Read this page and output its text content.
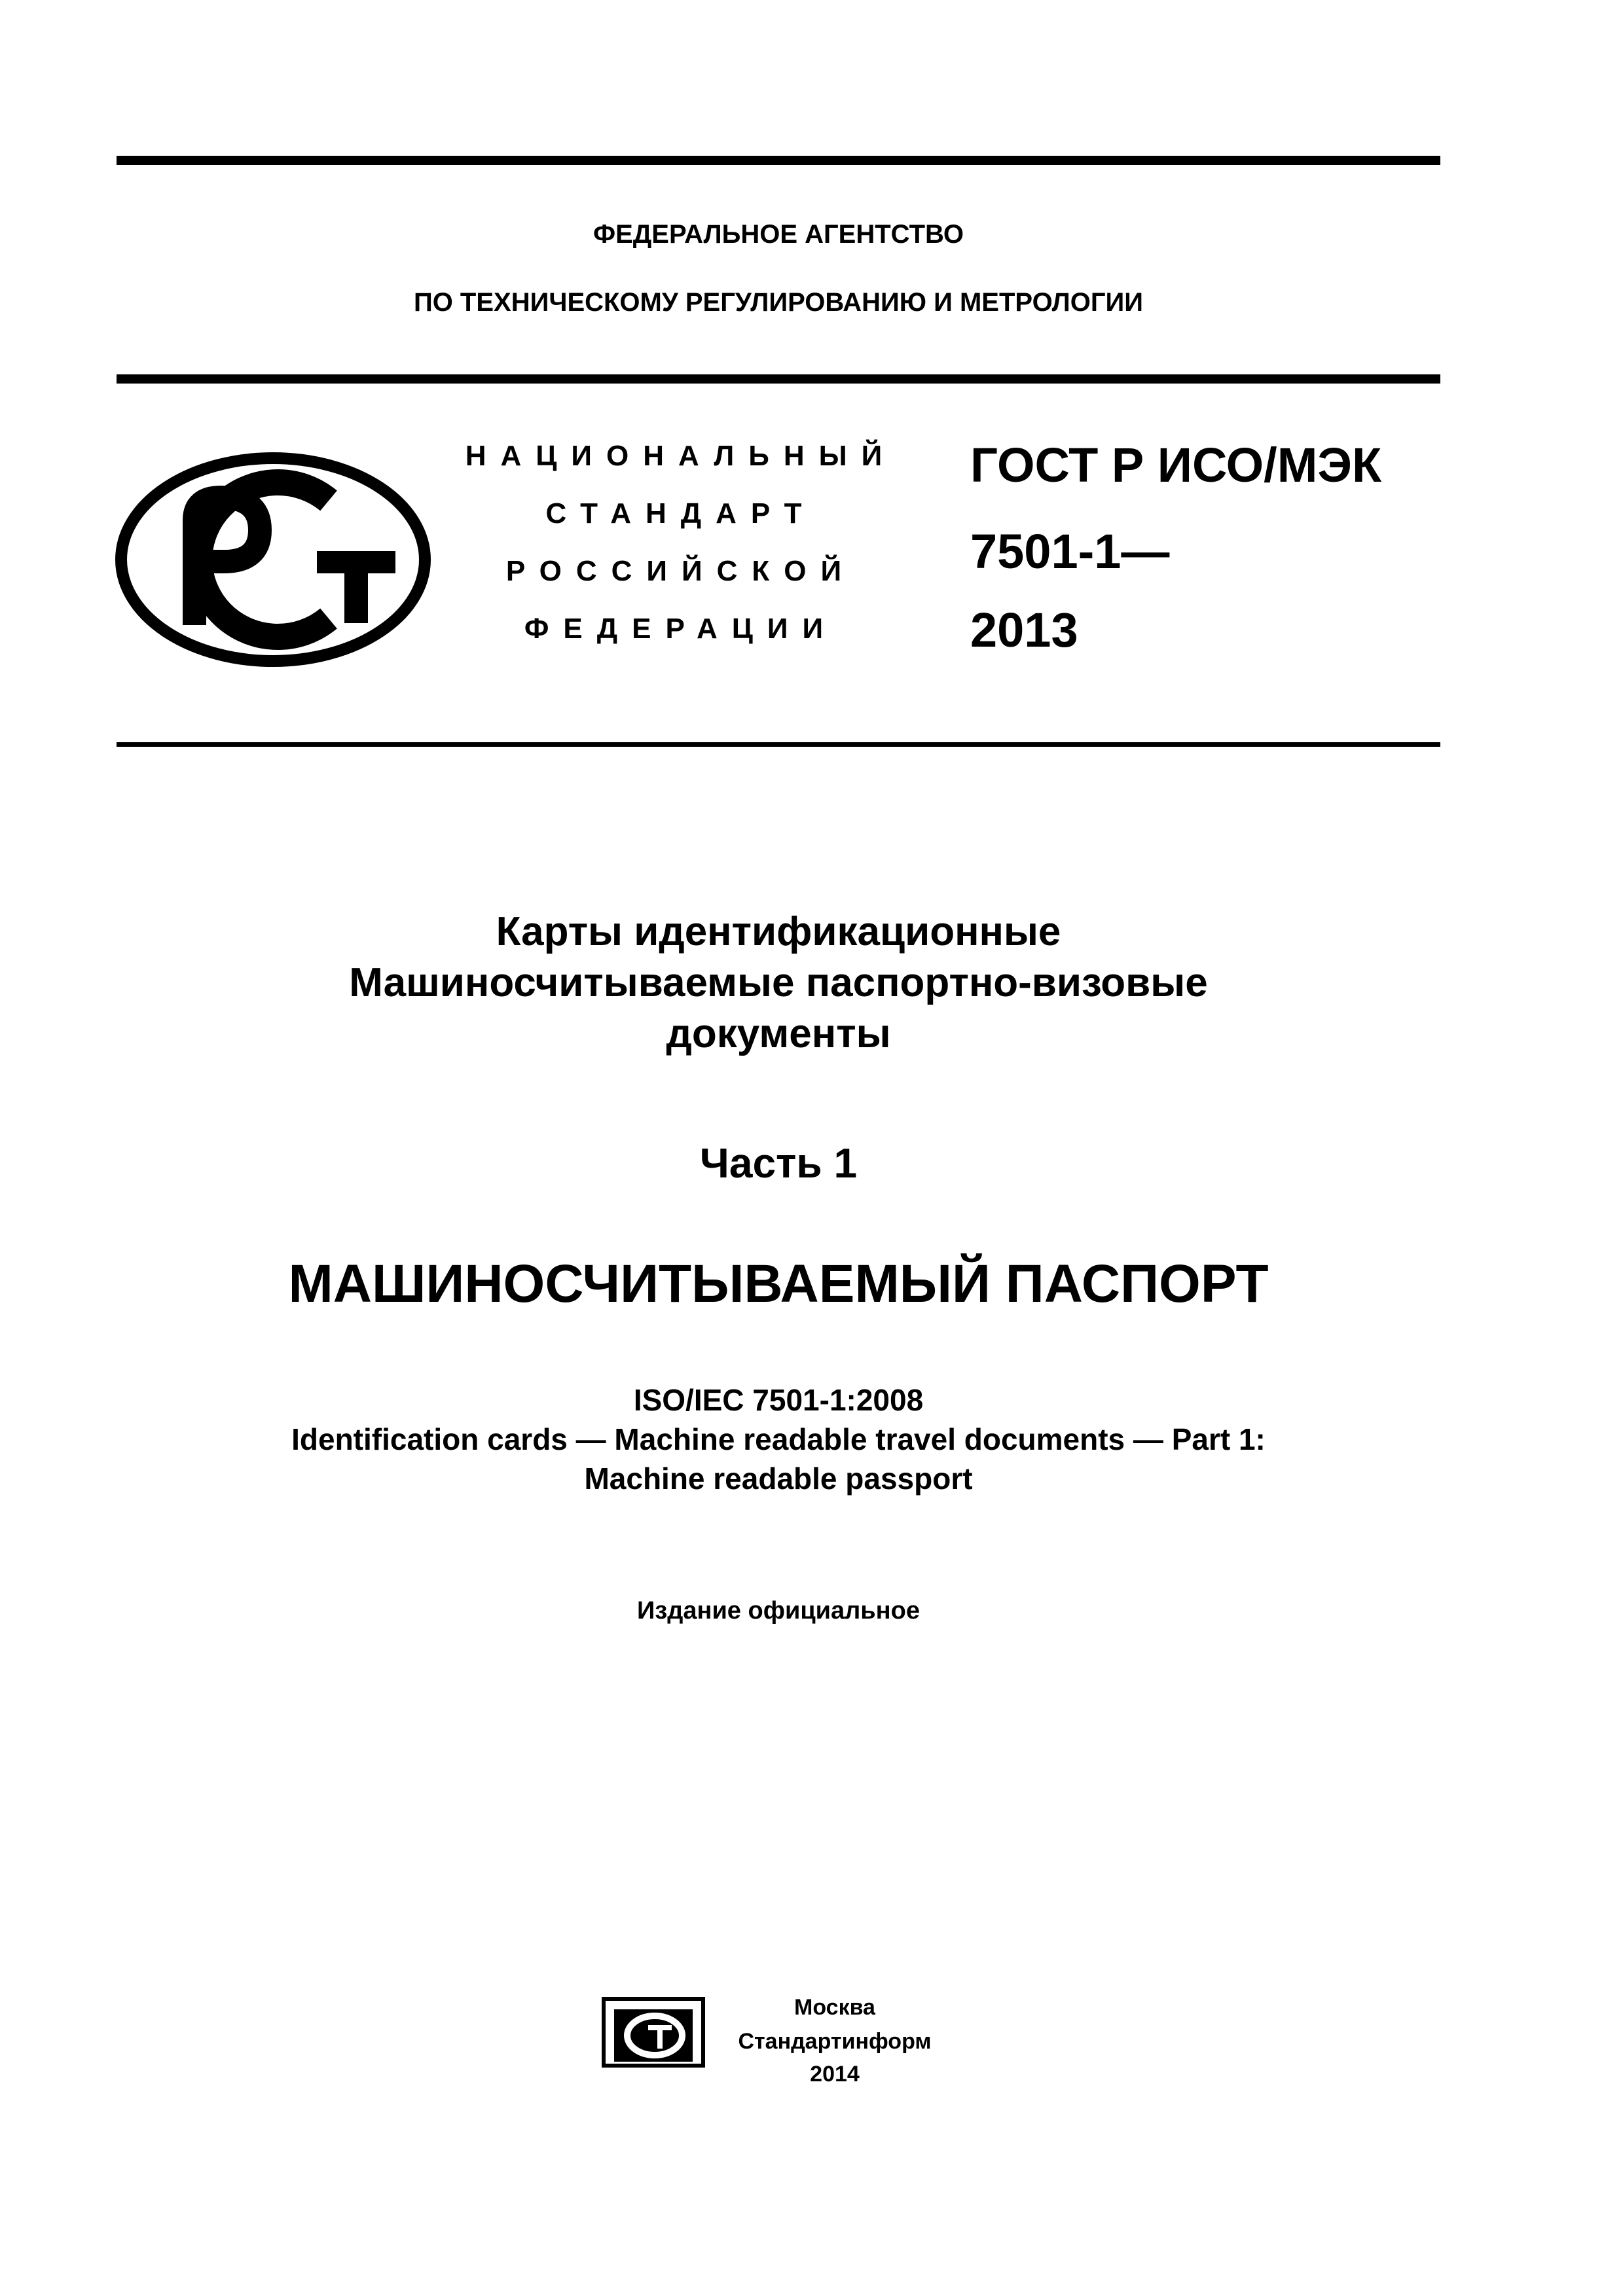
ФЕДЕРАЛЬНОЕ АГЕНТСТВО
ПО ТЕХНИЧЕСКОМУ РЕГУЛИРОВАНИЮ И МЕТРОЛОГИИ
НАЦИОНАЛЬНЫЙ
СТАНДАРТ
РОССИЙСКОЙ
ФЕДЕРАЦИИ
ГОСТ Р ИСО/МЭК
7501-1—
2013
Карты идентификационные
Машиносчитываемые паспортно-визовые
документы
Часть 1
МАШИНОСЧИТЫВАЕМЫЙ ПАСПОРТ
ISO/IEC 7501-1:2008
Identification cards — Machine readable travel documents — Part 1:
Machine readable passport
Издание официальное
Москва
Стандартинформ
2014
